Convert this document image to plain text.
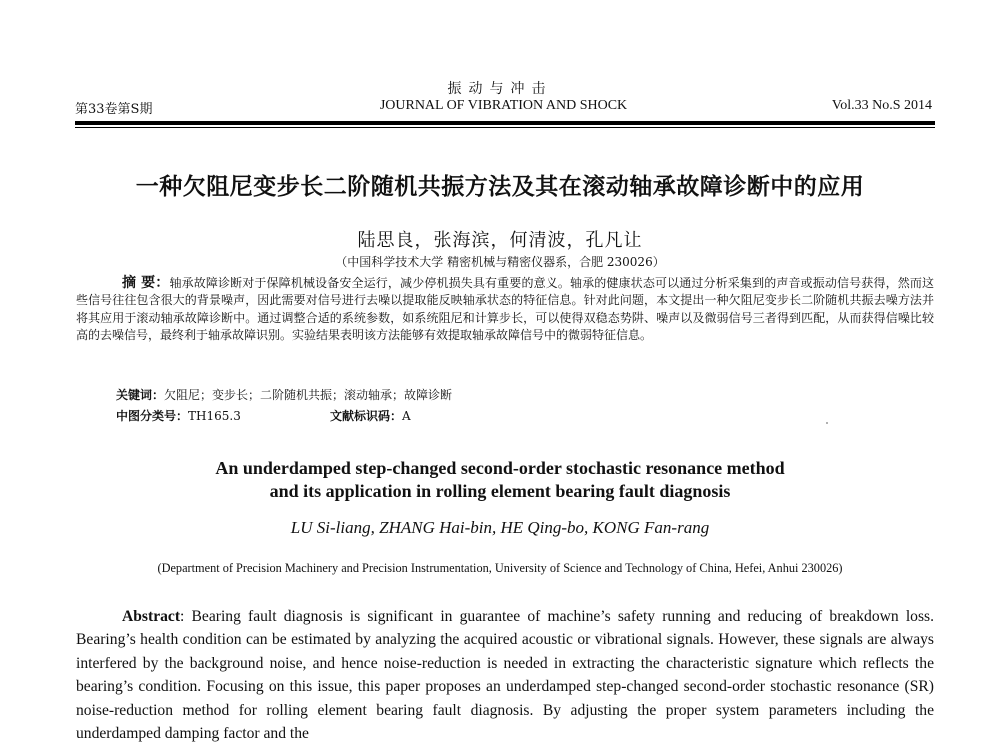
振动与冲击
第33卷第S期	JOURNAL OF VIBRATION AND SHOCK	Vol.33 No.S 2014
一种欠阻尼变步长二阶随机共振方法及其在滚动轴承故障诊断中的应用
陆思良，张海滨，何清波，孔凡让
（中国科学技术大学 精密机械与精密仪器系，合肥 230026）
摘 要：轴承故障诊断对于保障机械设备安全运行，减少停机损失具有重要的意义。轴承的健康状态可以通过分析采集到的声音或振动信号获得，然而这些信号往往包含很大的背景噪声，因此需要对信号进行去噪以提取能反映轴承状态的特征信息。针对此问题，本文提出一种欠阻尼变步长二阶随机共振去噪方法并将其应用于滚动轴承故障诊断中。通过调整合适的系统参数，如系统阻尼和计算步长，可以使得双稳态势阱、噪声以及微弱信号三者得到匹配，从而获得信噪比较高的去噪信号，最终利于轴承故障识别。实验结果表明该方法能够有效提取轴承故障信号中的微弱特征信息。
关键词：欠阻尼；变步长；二阶随机共振；滚动轴承；故障诊断
中图分类号：TH165.3	文献标识码：A
An underdamped step-changed second-order stochastic resonance method
and its application in rolling element bearing fault diagnosis
LU Si-liang, ZHANG Hai-bin, HE Qing-bo, KONG Fan-rang
(Department of Precision Machinery and Precision Instrumentation, University of Science and Technology of China, Hefei, Anhui 230026)
Abstract: Bearing fault diagnosis is significant in guarantee of machine’s safety running and reducing of breakdown loss. Bearing’s health condition can be estimated by analyzing the acquired acoustic or vibrational signals. However, these signals are always interfered by the background noise, and hence noise-reduction is needed in extracting the characteristic signature which reflects the bearing’s condition. Focusing on this issue, this paper proposes an underdamped step-changed second-order stochastic resonance (SR) noise-reduction method for rolling element bearing fault diagnosis. By adjusting the proper system parameters including the underdamped damping factor and the
